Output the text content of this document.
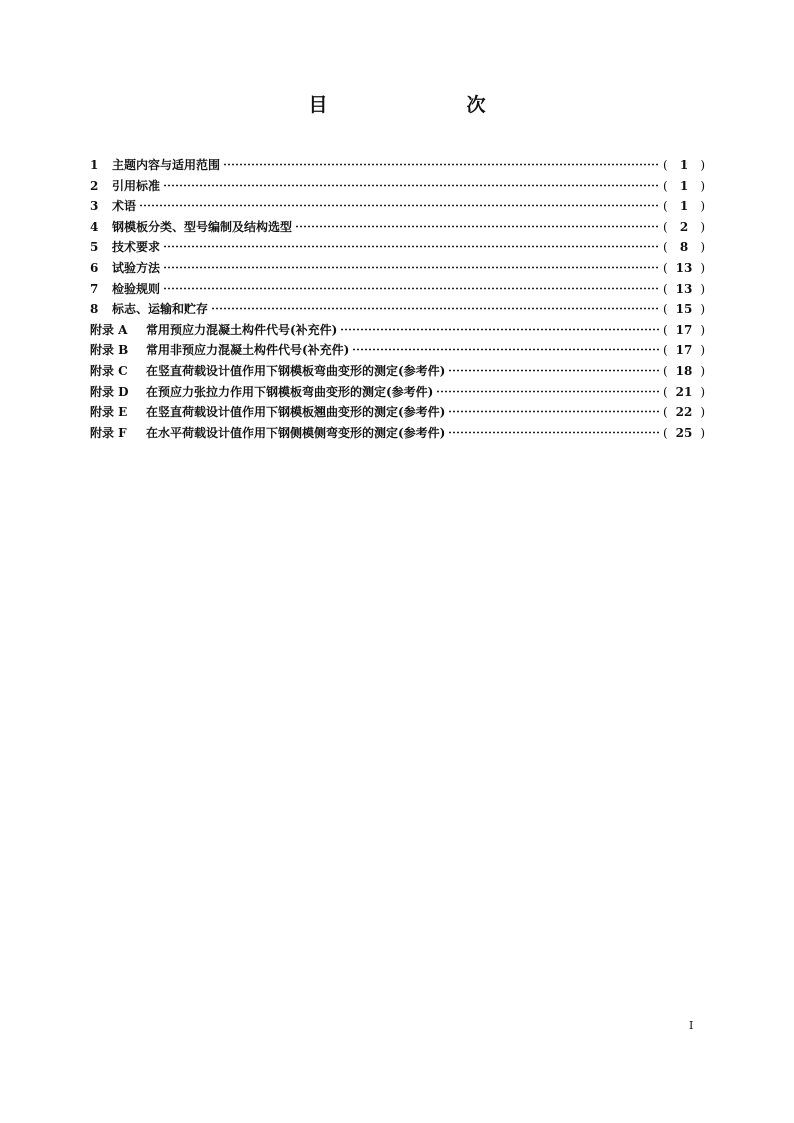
目　次
1	主题内容与适用范围	(	1	)
2	引用标准	(	1	)
3	术语	(	1	)
4	钢模板分类、型号编制及结构选型	(	2	)
5	技术要求	(	8	)
6	试验方法	( 13 )
7	检验规则	( 13 )
8	标志、运输和贮存	( 15 )
附录 A	常用预应力混凝土构件代号(补充件)	( 17 )
附录 B	常用非预应力混凝土构件代号(补充件)	( 17 )
附录 C	在竖直荷载设计值作用下钢模板弯曲变形的测定(参考件)	( 18 )
附录 D	在预应力张拉力作用下钢模板弯曲变形的测定(参考件)	( 21 )
附录 E	在竖直荷载设计值作用下钢模板翘曲变形的测定(参考件)	( 22 )
附录 F	在水平荷载设计值作用下钢侧模侧弯变形的测定(参考件)	( 25 )
I
